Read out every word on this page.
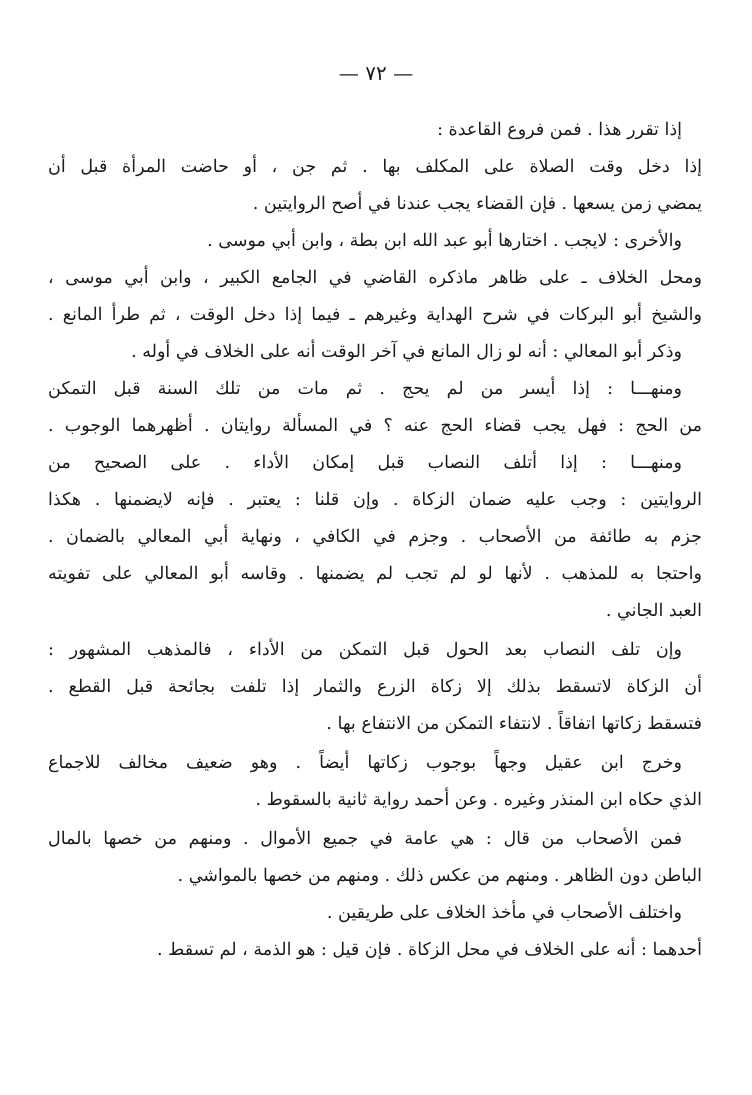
— ٧٢ —
إذا تقرر هذا . فمن فروع القاعدة :
إذا دخل وقت الصلاة على المكلف بها . ثم جن ، أو حاضت المرأة قبل أن
يمضي زمن يسعها . فإن القضاء يجب عندنا في أصح الروايتين .
والأخرى : لايجب . اختارها أبو عبد الله ابن بطة ، وابن أبي موسى .
ومحل الخلاف ـ على ظاهر ماذكره القاضي في الجامع الكبير ، وابن أبي موسى ،
والشيخ أبو البركات في شرح الهداية وغيرهم ـ فيما إذا دخل الوقت ، ثم طرأ المانع .
وذكر أبو المعالي : أنه لو زال المانع في آخر الوقت أنه على الخلاف في أوله .
ومنهـــا : إذا أيسر من لم يحج . ثم مات من تلك السنة قبل التمكن
من الحج : فهل يجب قضاء الحج عنه ؟ في المسألة روايتان . أظهرهما الوجوب .
ومنهـــا : إذا أتلف النصاب قبل إمكان الأداء . على الصحيح من
الروايتين : وجب عليه ضمان الزكاة . وإن قلنا : يعتبر . فإنه لايضمنها . هكذا
جزم به طائفة من الأصحاب . وجزم في الكافي ، ونهاية أبي المعالي بالضمان .
واحتجا به للمذهب . لأنها لو لم تجب لم يضمنها . وقاسه أبو المعالي على تفويته
العبد الجاني .
وإن تلف النصاب بعد الحول قبل التمكن من الأداء ، فالمذهب المشهور :
أن الزكاة لاتسقط بذلك إلا زكاة الزرع والثمار إذا تلفت بجائحة قبل القطع .
فتسقط زكاتها اتفاقاً . لانتفاء التمكن من الانتفاع بها .
وخرج ابن عقيل وجهاً بوجوب زكاتها أيضاً . وهو ضعيف مخالف للاجماع
الذي حكاه ابن المنذر وغيره . وعن أحمد رواية ثانية بالسقوط .
فمن الأصحاب من قال : هي عامة في جميع الأموال . ومنهم من خصها بالمال
الباطن دون الظاهر . ومنهم من عكس ذلك . ومنهم من خصها بالمواشي .
واختلف الأصحاب في مأخذ الخلاف على طريقين .
أحدهما : أنه على الخلاف في محل الزكاة . فإن قيل : هو الذمة ، لم تسقط .
